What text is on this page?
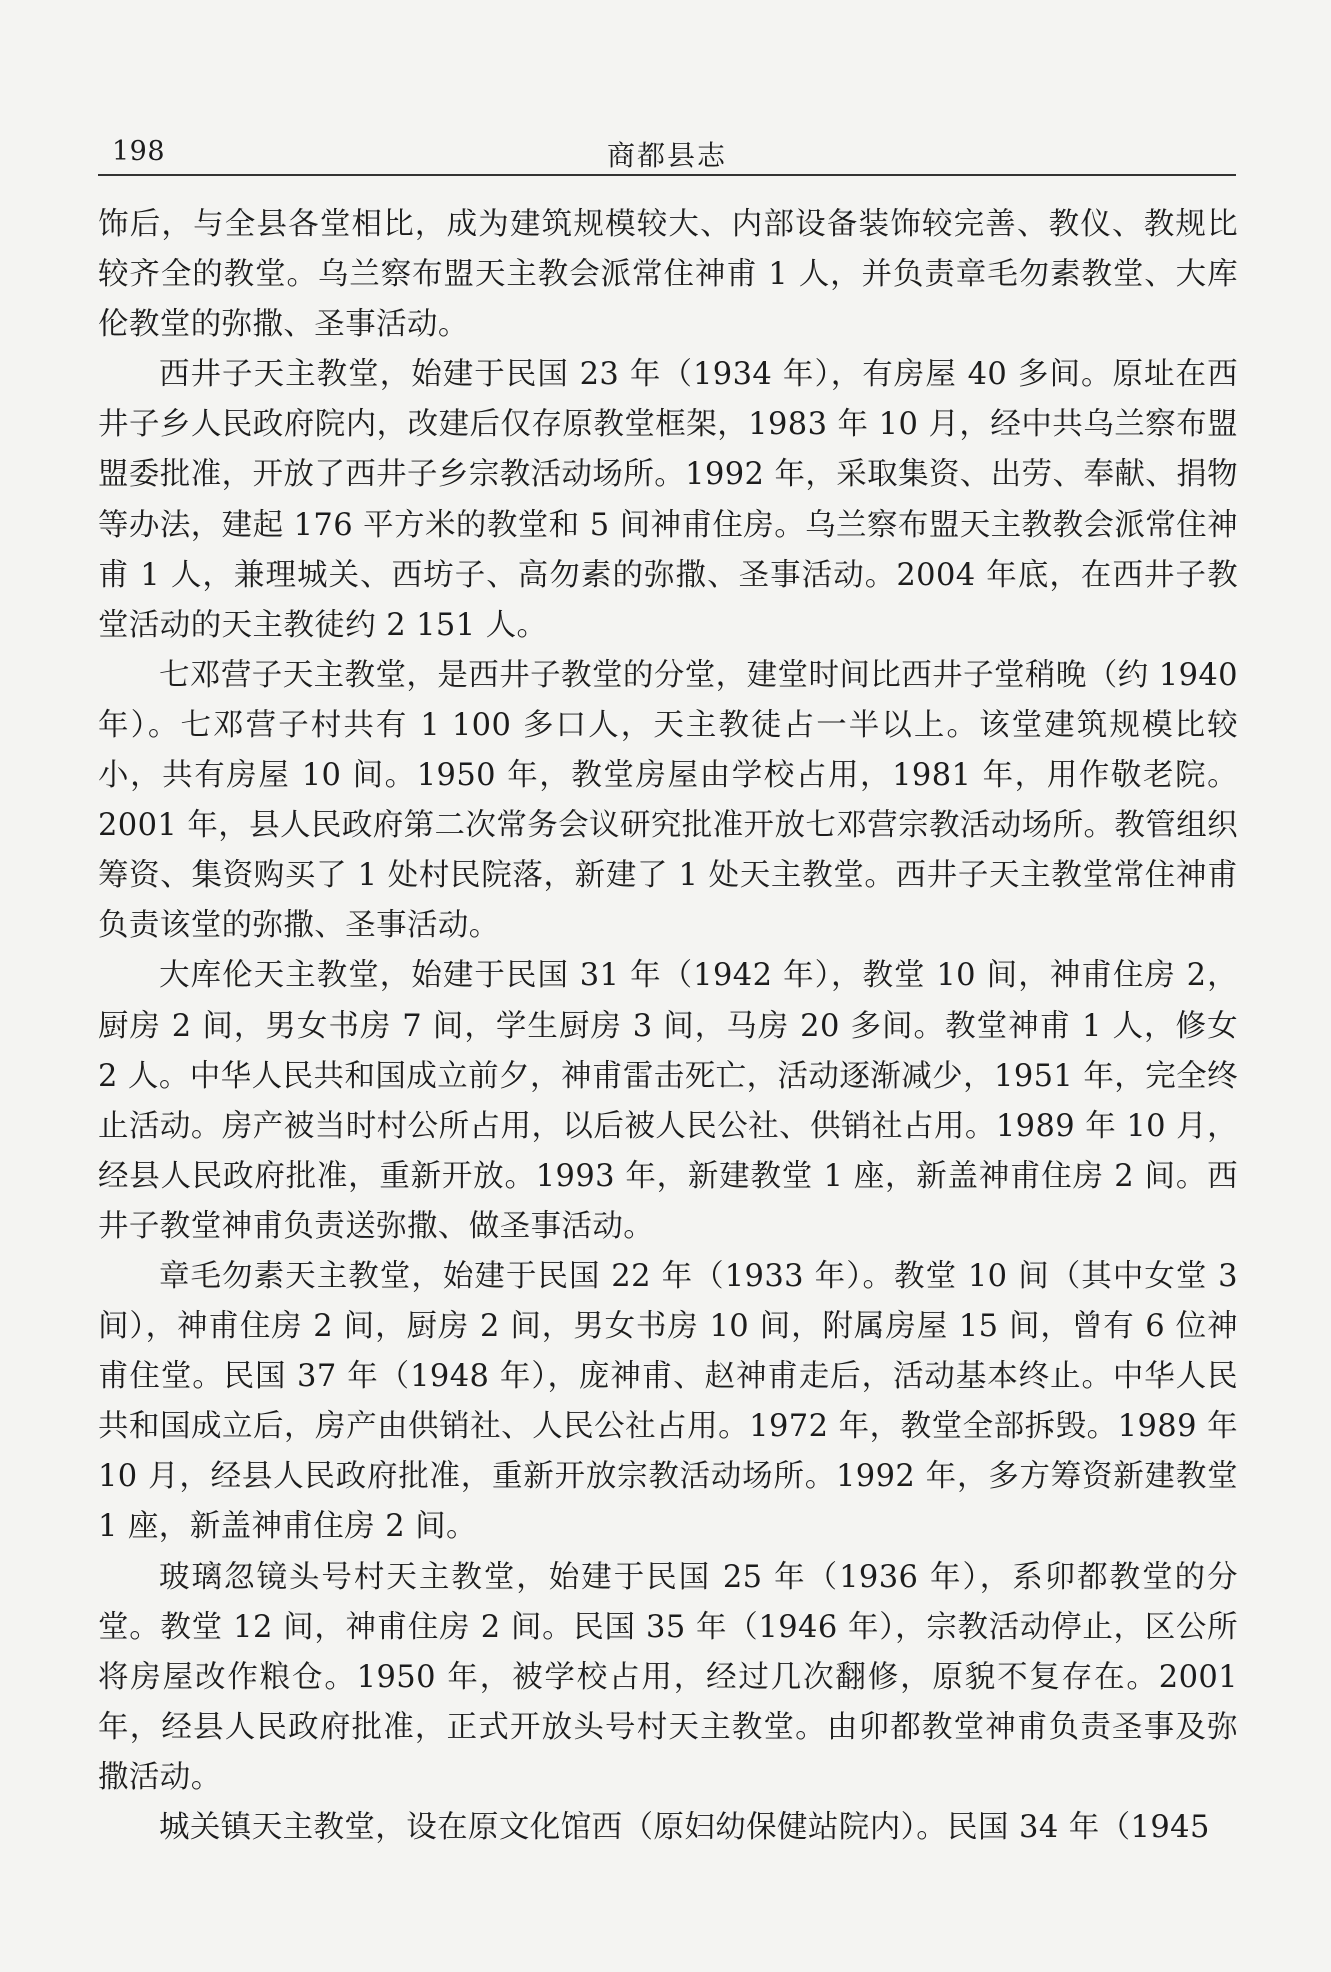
198	商都县志

饰后，与全县各堂相比，成为建筑规模较大、内部设备装饰较完善、教仪、教规比较齐全的教堂。乌兰察布盟天主教会派常住神甫 1 人，并负责章毛勿素教堂、大库伦教堂的弥撒、圣事活动。

西井子天主教堂，始建于民国 23 年（1934 年），有房屋 40 多间。原址在西井子乡人民政府院内，改建后仅存原教堂框架，1983 年 10 月，经中共乌兰察布盟盟委批准，开放了西井子乡宗教活动场所。1992 年，采取集资、出劳、奉献、捐物等办法，建起 176 平方米的教堂和 5 间神甫住房。乌兰察布盟天主教教会派常住神甫 1 人，兼理城关、西坊子、高勿素的弥撒、圣事活动。2004 年底，在西井子教堂活动的天主教徒约 2 151 人。

七邓营子天主教堂，是西井子教堂的分堂，建堂时间比西井子堂稍晚（约 1940 年）。七邓营子村共有 1 100 多口人，天主教徒占一半以上。该堂建筑规模比较小，共有房屋 10 间。1950 年，教堂房屋由学校占用，1981 年，用作敬老院。2001 年，县人民政府第二次常务会议研究批准开放七邓营宗教活动场所。教管组织筹资、集资购买了 1 处村民院落，新建了 1 处天主教堂。西井子天主教堂常住神甫负责该堂的弥撒、圣事活动。

大库伦天主教堂，始建于民国 31 年（1942 年），教堂 10 间，神甫住房 2，厨房 2 间，男女书房 7 间，学生厨房 3 间，马房 20 多间。教堂神甫 1 人，修女 2 人。中华人民共和国成立前夕，神甫雷击死亡，活动逐渐减少，1951 年，完全终止活动。房产被当时村公所占用，以后被人民公社、供销社占用。1989 年 10 月，经县人民政府批准，重新开放。1993 年，新建教堂 1 座，新盖神甫住房 2 间。西井子教堂神甫负责送弥撒、做圣事活动。

章毛勿素天主教堂，始建于民国 22 年（1933 年）。教堂 10 间（其中女堂 3 间），神甫住房 2 间，厨房 2 间，男女书房 10 间，附属房屋 15 间，曾有 6 位神甫住堂。民国 37 年（1948 年），庞神甫、赵神甫走后，活动基本终止。中华人民共和国成立后，房产由供销社、人民公社占用。1972 年，教堂全部拆毁。1989 年 10 月，经县人民政府批准，重新开放宗教活动场所。1992 年，多方筹资新建教堂 1 座，新盖神甫住房 2 间。

玻璃忽镜头号村天主教堂，始建于民国 25 年（1936 年），系卯都教堂的分堂。教堂 12 间，神甫住房 2 间。民国 35 年（1946 年），宗教活动停止，区公所将房屋改作粮仓。1950 年，被学校占用，经过几次翻修，原貌不复存在。2001 年，经县人民政府批准，正式开放头号村天主教堂。由卯都教堂神甫负责圣事及弥撒活动。

城关镇天主教堂，设在原文化馆西（原妇幼保健站院内）。民国 34 年（1945
